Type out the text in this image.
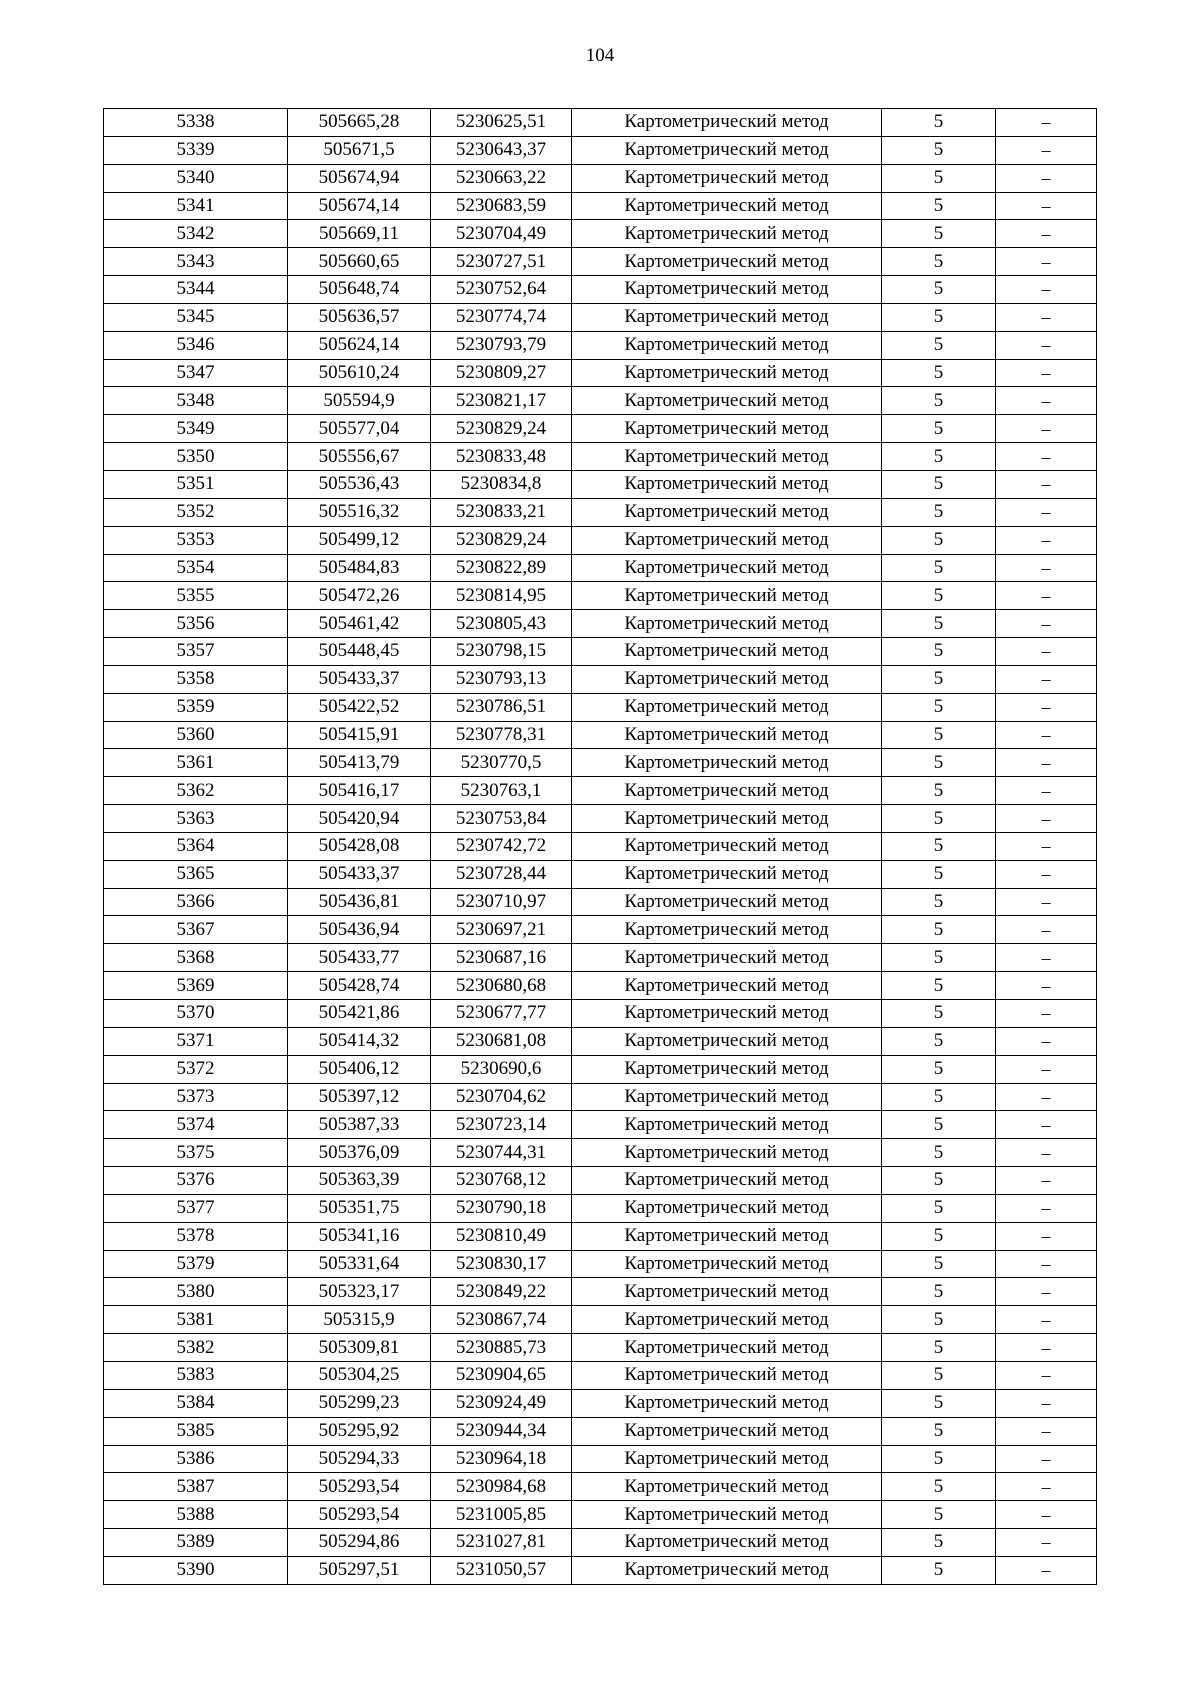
104
5338	505665,28	5230625,51	Картометрический метод	5	–
5339	505671,5	5230643,37	Картометрический метод	5	–
5340	505674,94	5230663,22	Картометрический метод	5	–
5341	505674,14	5230683,59	Картометрический метод	5	–
5342	505669,11	5230704,49	Картометрический метод	5	–
5343	505660,65	5230727,51	Картометрический метод	5	–
5344	505648,74	5230752,64	Картометрический метод	5	–
5345	505636,57	5230774,74	Картометрический метод	5	–
5346	505624,14	5230793,79	Картометрический метод	5	–
5347	505610,24	5230809,27	Картометрический метод	5	–
5348	505594,9	5230821,17	Картометрический метод	5	–
5349	505577,04	5230829,24	Картометрический метод	5	–
5350	505556,67	5230833,48	Картометрический метод	5	–
5351	505536,43	5230834,8	Картометрический метод	5	–
5352	505516,32	5230833,21	Картометрический метод	5	–
5353	505499,12	5230829,24	Картометрический метод	5	–
5354	505484,83	5230822,89	Картометрический метод	5	–
5355	505472,26	5230814,95	Картометрический метод	5	–
5356	505461,42	5230805,43	Картометрический метод	5	–
5357	505448,45	5230798,15	Картометрический метод	5	–
5358	505433,37	5230793,13	Картометрический метод	5	–
5359	505422,52	5230786,51	Картометрический метод	5	–
5360	505415,91	5230778,31	Картометрический метод	5	–
5361	505413,79	5230770,5	Картометрический метод	5	–
5362	505416,17	5230763,1	Картометрический метод	5	–
5363	505420,94	5230753,84	Картометрический метод	5	–
5364	505428,08	5230742,72	Картометрический метод	5	–
5365	505433,37	5230728,44	Картометрический метод	5	–
5366	505436,81	5230710,97	Картометрический метод	5	–
5367	505436,94	5230697,21	Картометрический метод	5	–
5368	505433,77	5230687,16	Картометрический метод	5	–
5369	505428,74	5230680,68	Картометрический метод	5	–
5370	505421,86	5230677,77	Картометрический метод	5	–
5371	505414,32	5230681,08	Картометрический метод	5	–
5372	505406,12	5230690,6	Картометрический метод	5	–
5373	505397,12	5230704,62	Картометрический метод	5	–
5374	505387,33	5230723,14	Картометрический метод	5	–
5375	505376,09	5230744,31	Картометрический метод	5	–
5376	505363,39	5230768,12	Картометрический метод	5	–
5377	505351,75	5230790,18	Картометрический метод	5	–
5378	505341,16	5230810,49	Картометрический метод	5	–
5379	505331,64	5230830,17	Картометрический метод	5	–
5380	505323,17	5230849,22	Картометрический метод	5	–
5381	505315,9	5230867,74	Картометрический метод	5	–
5382	505309,81	5230885,73	Картометрический метод	5	–
5383	505304,25	5230904,65	Картометрический метод	5	–
5384	505299,23	5230924,49	Картометрический метод	5	–
5385	505295,92	5230944,34	Картометрический метод	5	–
5386	505294,33	5230964,18	Картометрический метод	5	–
5387	505293,54	5230984,68	Картометрический метод	5	–
5388	505293,54	5231005,85	Картометрический метод	5	–
5389	505294,86	5231027,81	Картометрический метод	5	–
5390	505297,51	5231050,57	Картометрический метод	5	–
